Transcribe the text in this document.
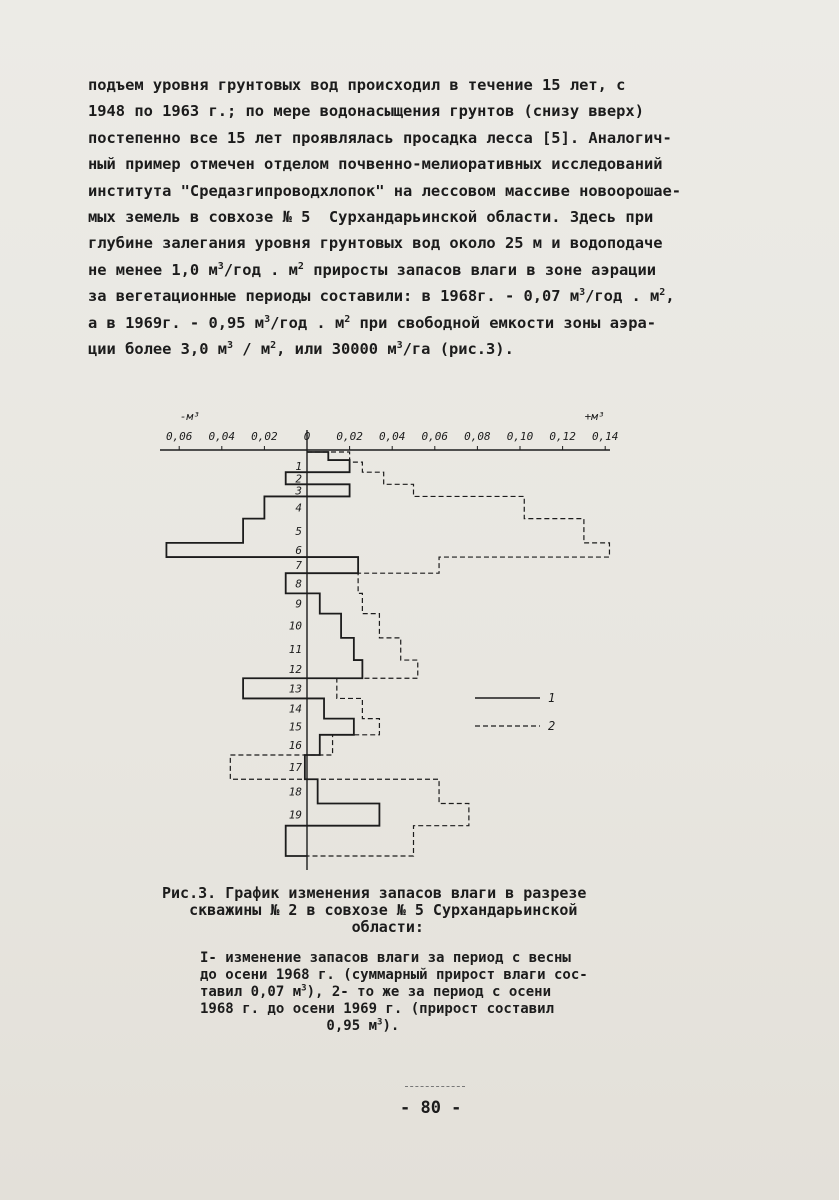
подъем уровня грунтовых вод происходил в течение 15 лет, с
1948 по 1963 г.; по мере водонасыщения грунтов (снизу вверх)
постепенно все 15 лет проявлялась просадка лесса [5]. Аналогич-
ный пример отмечен отделом почвенно-мелиоративных исследований
института "Средазгипроводхлопок" на лессовом массиве новоорошае-
мых земель в совхозе № 5  Сурхандарьинской области. Здесь при
глубине залегания уровня грунтовых вод около 25 м и водоподаче
не менее 1,0 $м^3$/год . $м^2$ приросты запасов влаги в зоне аэрации
за вегетационные периоды составили: в 1968г. - 0,07 $м^3$/год . $м^2$,
а в 1969г. - 0,95 $м^3$/год . $м^2$ при свободной емкости зоны аэра-
ции более 3,0 $м^3 / м^2$, или 30000 $м^3/га$ (рис.3).
0,06 0,04 0,02 0 0,02 0,04 0,06 0,08 0,10 0,12 0,14
-м³	+м³
1
2
3
4
5
6
7
8
9
10
11
12
13
14
15
16
17
18
19
1
2
Рис.3. График изменения запасов влаги в разрезе
скважины № 2 в совхозе № 5 Сурхандарьинской
области:
I- изменение запасов влаги за период с весны
до осени 1968 г. (суммарный прирост влаги сос-
тавил 0,07 $м^3$), 2- то же за период с осени
1968 г. до осени 1969 г. (прирост составил
0,95 $м^3$).
- 80 -
